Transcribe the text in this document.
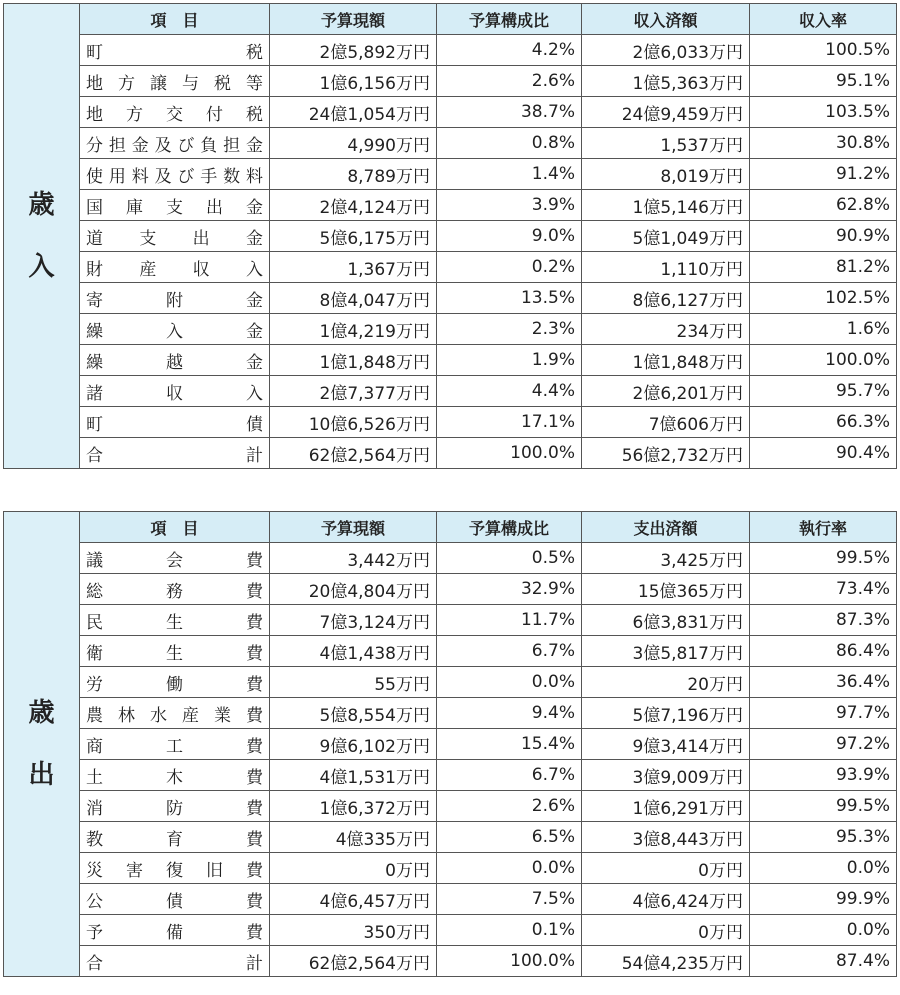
歳
入	項　目	予算現額	予算構成比	収入済額	収入率
	町税	2億5,892万円	4.2%	2億6,033万円	100.5%
	地方譲与税等	1億6,156万円	2.6%	1億5,363万円	95.1%
	地方交付税	24億1,054万円	38.7%	24億9,459万円	103.5%
	分担金及び負担金	4,990万円	0.8%	1,537万円	30.8%
	使用料及び手数料	8,789万円	1.4%	8,019万円	91.2%
	国庫支出金	2億4,124万円	3.9%	1億5,146万円	62.8%
	道支出金	5億6,175万円	9.0%	5億1,049万円	90.9%
	財産収入	1,367万円	0.2%	1,110万円	81.2%
	寄附金	8億4,047万円	13.5%	8億6,127万円	102.5%
	繰入金	1億4,219万円	2.3%	234万円	1.6%
	繰越金	1億1,848万円	1.9%	1億1,848万円	100.0%
	諸収入	2億7,377万円	4.4%	2億6,201万円	95.7%
	町債	10億6,526万円	17.1%	7億606万円	66.3%
	合計	62億2,564万円	100.0%	56億2,732万円	90.4%
歳
出	項　目	予算現額	予算構成比	支出済額	執行率
	議会費	3,442万円	0.5%	3,425万円	99.5%
	総務費	20億4,804万円	32.9%	15億365万円	73.4%
	民生費	7億3,124万円	11.7%	6億3,831万円	87.3%
	衛生費	4億1,438万円	6.7%	3億5,817万円	86.4%
	労働費	55万円	0.0%	20万円	36.4%
	農林水産業費	5億8,554万円	9.4%	5億7,196万円	97.7%
	商工費	9億6,102万円	15.4%	9億3,414万円	97.2%
	土木費	4億1,531万円	6.7%	3億9,009万円	93.9%
	消防費	1億6,372万円	2.6%	1億6,291万円	99.5%
	教育費	4億335万円	6.5%	3億8,443万円	95.3%
	災害復旧費	0万円	0.0%	0万円	0.0%
	公債費	4億6,457万円	7.5%	4億6,424万円	99.9%
	予備費	350万円	0.1%	0万円	0.0%
	合計	62億2,564万円	100.0%	54億4,235万円	87.4%
